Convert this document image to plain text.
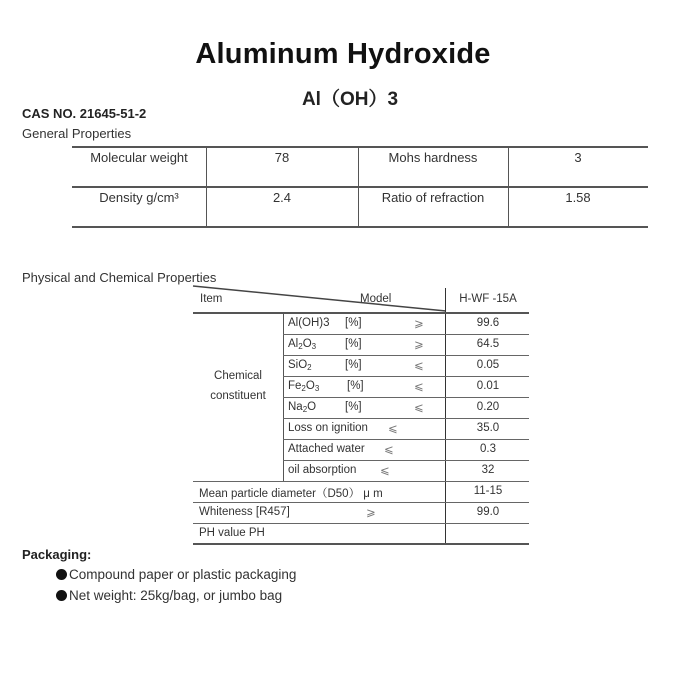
Aluminum Hydroxide
Al（OH）3
CAS NO. 21645-51-2
General Properties
Molecular weight	78	Mohs hardness	3
Density g/cm³	2.4	Ratio of refraction	1.58
Physical and Chemical Properties
Item	Model	H-WF -15A
Chemical
constituent
Al(OH)3 [%]	⩾	99.6
$Al_2O_3$	[%]	⩾	64.5
SiO$_2$	[%]	⩽	0.05
$Fe_2O_3$ [%]	⩽	0.01
$Na_2O$	[%]	⩽	0.20
Loss on ignition ⩽	35.0
Attached water ⩽	0.3
oil absorption ⩽	32
Mean particle diameter（D50） μ m	11-15
Whiteness [R457]	⩾	99.0
PH value PH
Packaging:
Compound paper or plastic packaging
Net weight: 25kg/bag, or jumbo bag
